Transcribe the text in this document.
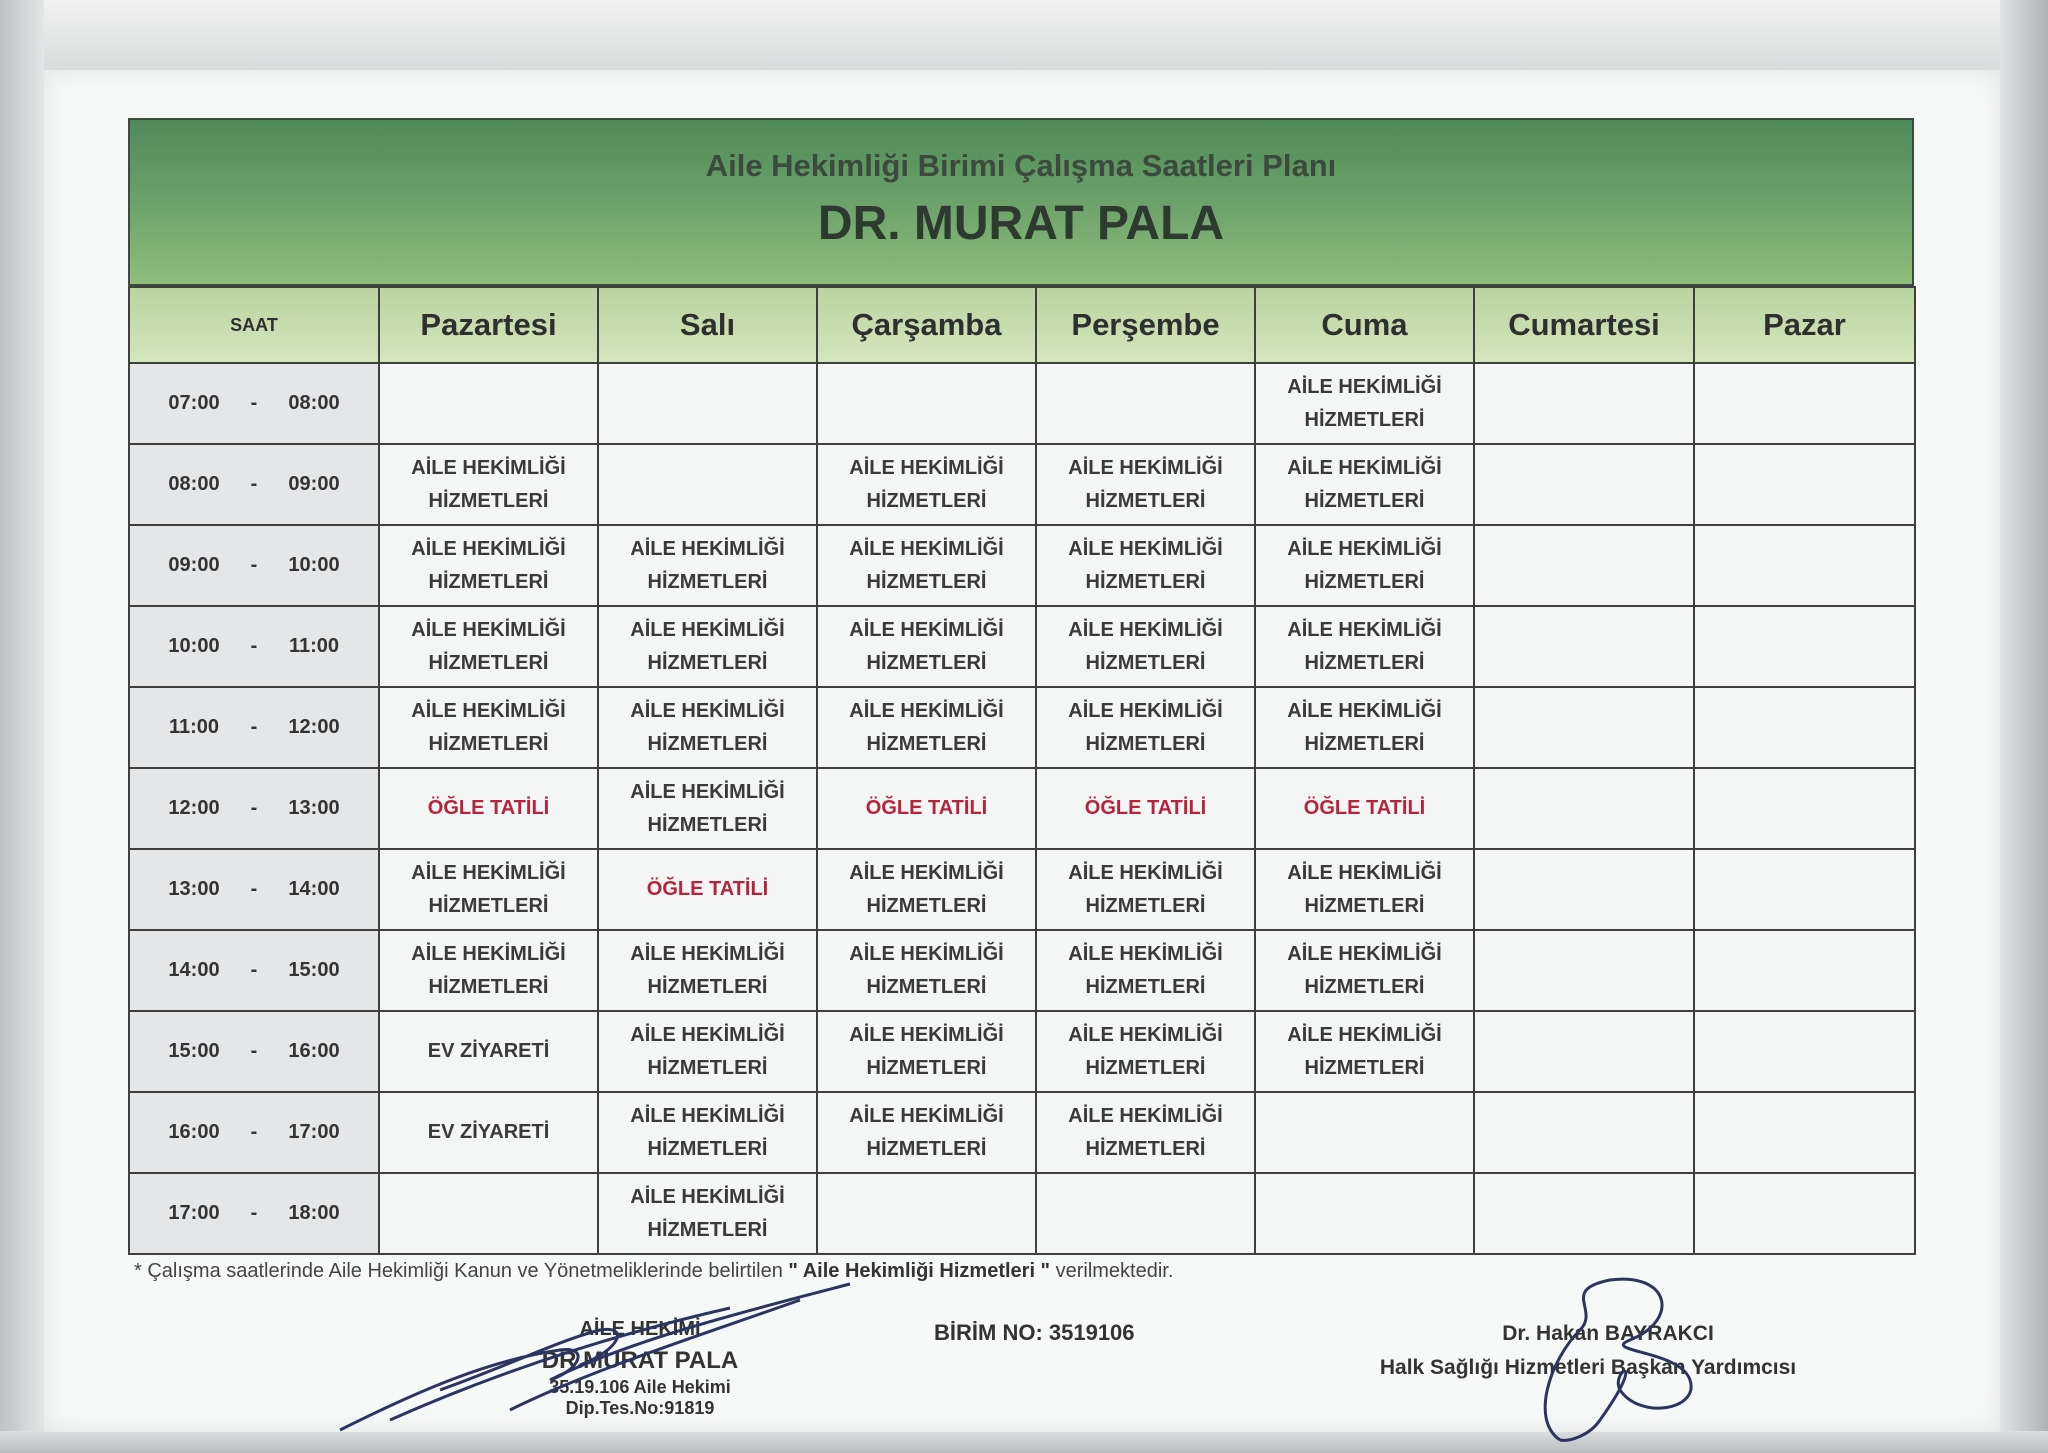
Aile Hekimliği Birimi Çalışma Saatleri Planı
DR. MURAT PALA
SAAT	Pazartesi	Salı	Çarşamba	Perşembe	Cuma	Cumartesi	Pazar
07:00 - 08:00					AİLE HEKİMLİĞİ
HİZMETLERİ		
08:00 - 09:00	AİLE HEKİMLİĞİ
HİZMETLERİ		AİLE HEKİMLİĞİ
HİZMETLERİ	AİLE HEKİMLİĞİ
HİZMETLERİ	AİLE HEKİMLİĞİ
HİZMETLERİ		
09:00 - 10:00	AİLE HEKİMLİĞİ
HİZMETLERİ	AİLE HEKİMLİĞİ
HİZMETLERİ	AİLE HEKİMLİĞİ
HİZMETLERİ	AİLE HEKİMLİĞİ
HİZMETLERİ	AİLE HEKİMLİĞİ
HİZMETLERİ		
10:00 - 11:00	AİLE HEKİMLİĞİ
HİZMETLERİ	AİLE HEKİMLİĞİ
HİZMETLERİ	AİLE HEKİMLİĞİ
HİZMETLERİ	AİLE HEKİMLİĞİ
HİZMETLERİ	AİLE HEKİMLİĞİ
HİZMETLERİ		
11:00 - 12:00	AİLE HEKİMLİĞİ
HİZMETLERİ	AİLE HEKİMLİĞİ
HİZMETLERİ	AİLE HEKİMLİĞİ
HİZMETLERİ	AİLE HEKİMLİĞİ
HİZMETLERİ	AİLE HEKİMLİĞİ
HİZMETLERİ		
12:00 - 13:00	ÖĞLE TATİLİ	AİLE HEKİMLİĞİ
HİZMETLERİ	ÖĞLE TATİLİ	ÖĞLE TATİLİ	ÖĞLE TATİLİ		
13:00 - 14:00	AİLE HEKİMLİĞİ
HİZMETLERİ	ÖĞLE TATİLİ	AİLE HEKİMLİĞİ
HİZMETLERİ	AİLE HEKİMLİĞİ
HİZMETLERİ	AİLE HEKİMLİĞİ
HİZMETLERİ		
14:00 - 15:00	AİLE HEKİMLİĞİ
HİZMETLERİ	AİLE HEKİMLİĞİ
HİZMETLERİ	AİLE HEKİMLİĞİ
HİZMETLERİ	AİLE HEKİMLİĞİ
HİZMETLERİ	AİLE HEKİMLİĞİ
HİZMETLERİ		
15:00 - 16:00	EV ZİYARETİ	AİLE HEKİMLİĞİ
HİZMETLERİ	AİLE HEKİMLİĞİ
HİZMETLERİ	AİLE HEKİMLİĞİ
HİZMETLERİ	AİLE HEKİMLİĞİ
HİZMETLERİ		
16:00 - 17:00	EV ZİYARETİ	AİLE HEKİMLİĞİ
HİZMETLERİ	AİLE HEKİMLİĞİ
HİZMETLERİ	AİLE HEKİMLİĞİ
HİZMETLERİ			
17:00 - 18:00		AİLE HEKİMLİĞİ
HİZMETLERİ					
* Çalışma saatlerinde Aile Hekimliği Kanun ve Yönetmeliklerinde belirtilen " Aile Hekimliği Hizmetleri " verilmektedir.
AİLE HEKİMİ
DR.MURAT PALA
35.19.106 Aile Hekimi
Dip.Tes.No:91819
BİRİM NO: 3519106	Dr. Hakan BAYRAKCI
Halk Sağlığı Hizmetleri Başkan Yardımcısı
